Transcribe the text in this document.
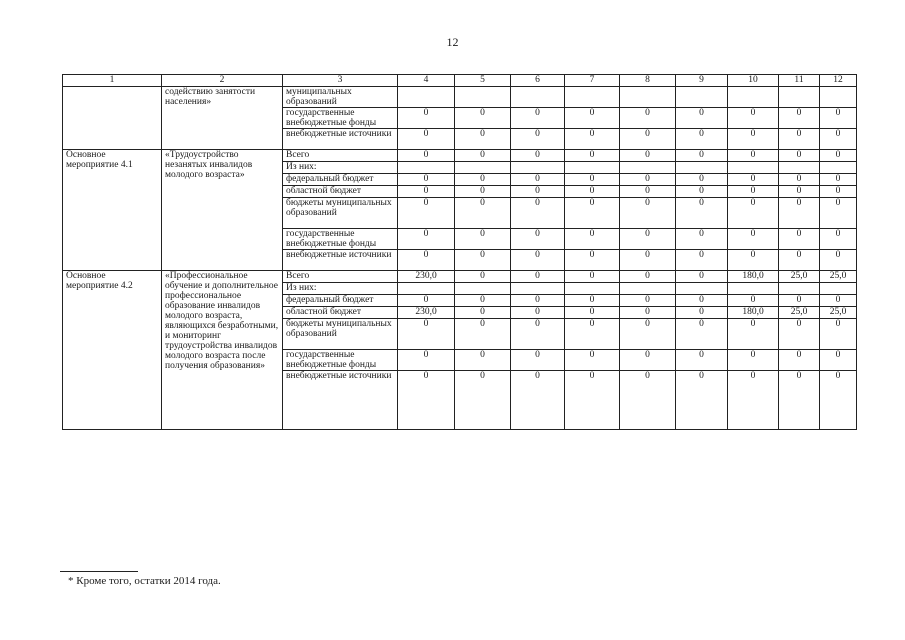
12
1	2	3	4	5	6	7	8	9	10	11	12
	содействию занятости населения»	муниципальных образований									
		государственные внебюджетные фонды	0	0	0	0	0	0	0	0	0
		внебюджетные источники	0	0	0	0	0	0	0	0	0
Основное мероприятие 4.1	«Трудоустройство незанятых инвалидов молодого возраста»	Всего	0	0	0	0	0	0	0	0	0
		Из них:									
		федеральный бюджет	0	0	0	0	0	0	0	0	0
		областной бюджет	0	0	0	0	0	0	0	0	0
		бюджеты муниципальных образований	0	0	0	0	0	0	0	0	0
		государственные внебюджетные фонды	0	0	0	0	0	0	0	0	0
		внебюджетные источники	0	0	0	0	0	0	0	0	0
Основное мероприятие 4.2	«Профессиональное обучение и дополнительное профессиональное образование инвалидов молодого возраста, являющихся безработными, и мониторинг трудоустройства инвалидов молодого возраста после получения образования»	Всего	230,0	0	0	0	0	0	180,0	25,0	25,0
		Из них:									
		федеральный бюджет	0	0	0	0	0	0	0	0	0
		областной бюджет	230,0	0	0	0	0	0	180,0	25,0	25,0
		бюджеты муниципальных образований	0	0	0	0	0	0	0	0	0
		государственные внебюджетные фонды	0	0	0	0	0	0	0	0	0
		внебюджетные источники	0	0	0	0	0	0	0	0	0
* Кроме того, остатки 2014 года.
